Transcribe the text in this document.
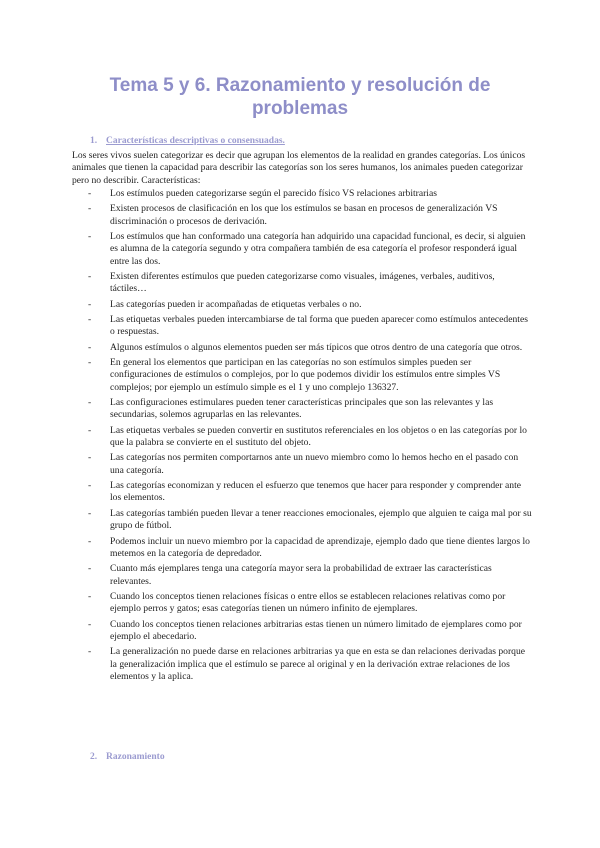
Tema 5 y 6. Razonamiento y resolución de problemas
1. Características descriptivas o consensuadas.

Los seres vivos suelen categorizar es decir que agrupan los elementos de la realidad en grandes categorías. Los únicos animales que tienen la capacidad para describir las categorías son los seres humanos, los animales pueden categorizar pero no describir. Características:

- Los estímulos pueden categorizarse según el parecido físico VS relaciones arbitrarias
- Existen procesos de clasificación en los que los estímulos se basan en procesos de generalización VS discriminación o procesos de derivación.
- Los estímulos que han conformado una categoría han adquirido una capacidad funcional, es decir, si alguien es alumna de la categoría segundo y otra compañera también de esa categoría el profesor responderá igual entre las dos.
- Existen diferentes estímulos que pueden categorizarse como visuales, imágenes, verbales, auditivos, táctiles…
- Las categorías pueden ir acompañadas de etiquetas verbales o no.
- Las etiquetas verbales pueden intercambiarse de tal forma que pueden aparecer como estímulos antecedentes o respuestas.
- Algunos estímulos o algunos elementos pueden ser más típicos que otros dentro de una categoría que otros.
- En general los elementos que participan en las categorías no son estímulos simples pueden ser configuraciones de estímulos o complejos, por lo que podemos dividir los estímulos entre simples VS complejos; por ejemplo un estímulo simple es el 1 y uno complejo 136327.
- Las configuraciones estimulares pueden tener características principales que son las relevantes y las secundarias, solemos agruparlas en las relevantes.
- Las etiquetas verbales se pueden convertir en sustitutos referenciales en los objetos o en las categorías por lo que la palabra se convierte en el sustituto del objeto.
- Las categorías nos permiten comportarnos ante un nuevo miembro como lo hemos hecho en el pasado con una categoría.
- Las categorías economizan y reducen el esfuerzo que tenemos que hacer para responder y comprender ante los elementos.
- Las categorías también pueden llevar a tener reacciones emocionales, ejemplo que alguien te caiga mal por su grupo de fútbol.
- Podemos incluir un nuevo miembro por la capacidad de aprendizaje, ejemplo dado que tiene dientes largos lo metemos en la categoría de depredador.
- Cuanto más ejemplares tenga una categoría mayor sera la probabilidad de extraer las características relevantes.
- Cuando los conceptos tienen relaciones físicas o entre ellos se establecen relaciones relativas como por ejemplo perros y gatos; esas categorías tienen un número infinito de ejemplares.
- Cuando los conceptos tienen relaciones arbitrarias estas tienen un número limitado de ejemplares como por ejemplo el abecedario.
- La generalización no puede darse en relaciones arbitrarias ya que en esta se dan relaciones derivadas porque la generalización implica que el estímulo se parece al original y en la derivación extrae relaciones de los elementos y la aplica.
2. Razonamiento
